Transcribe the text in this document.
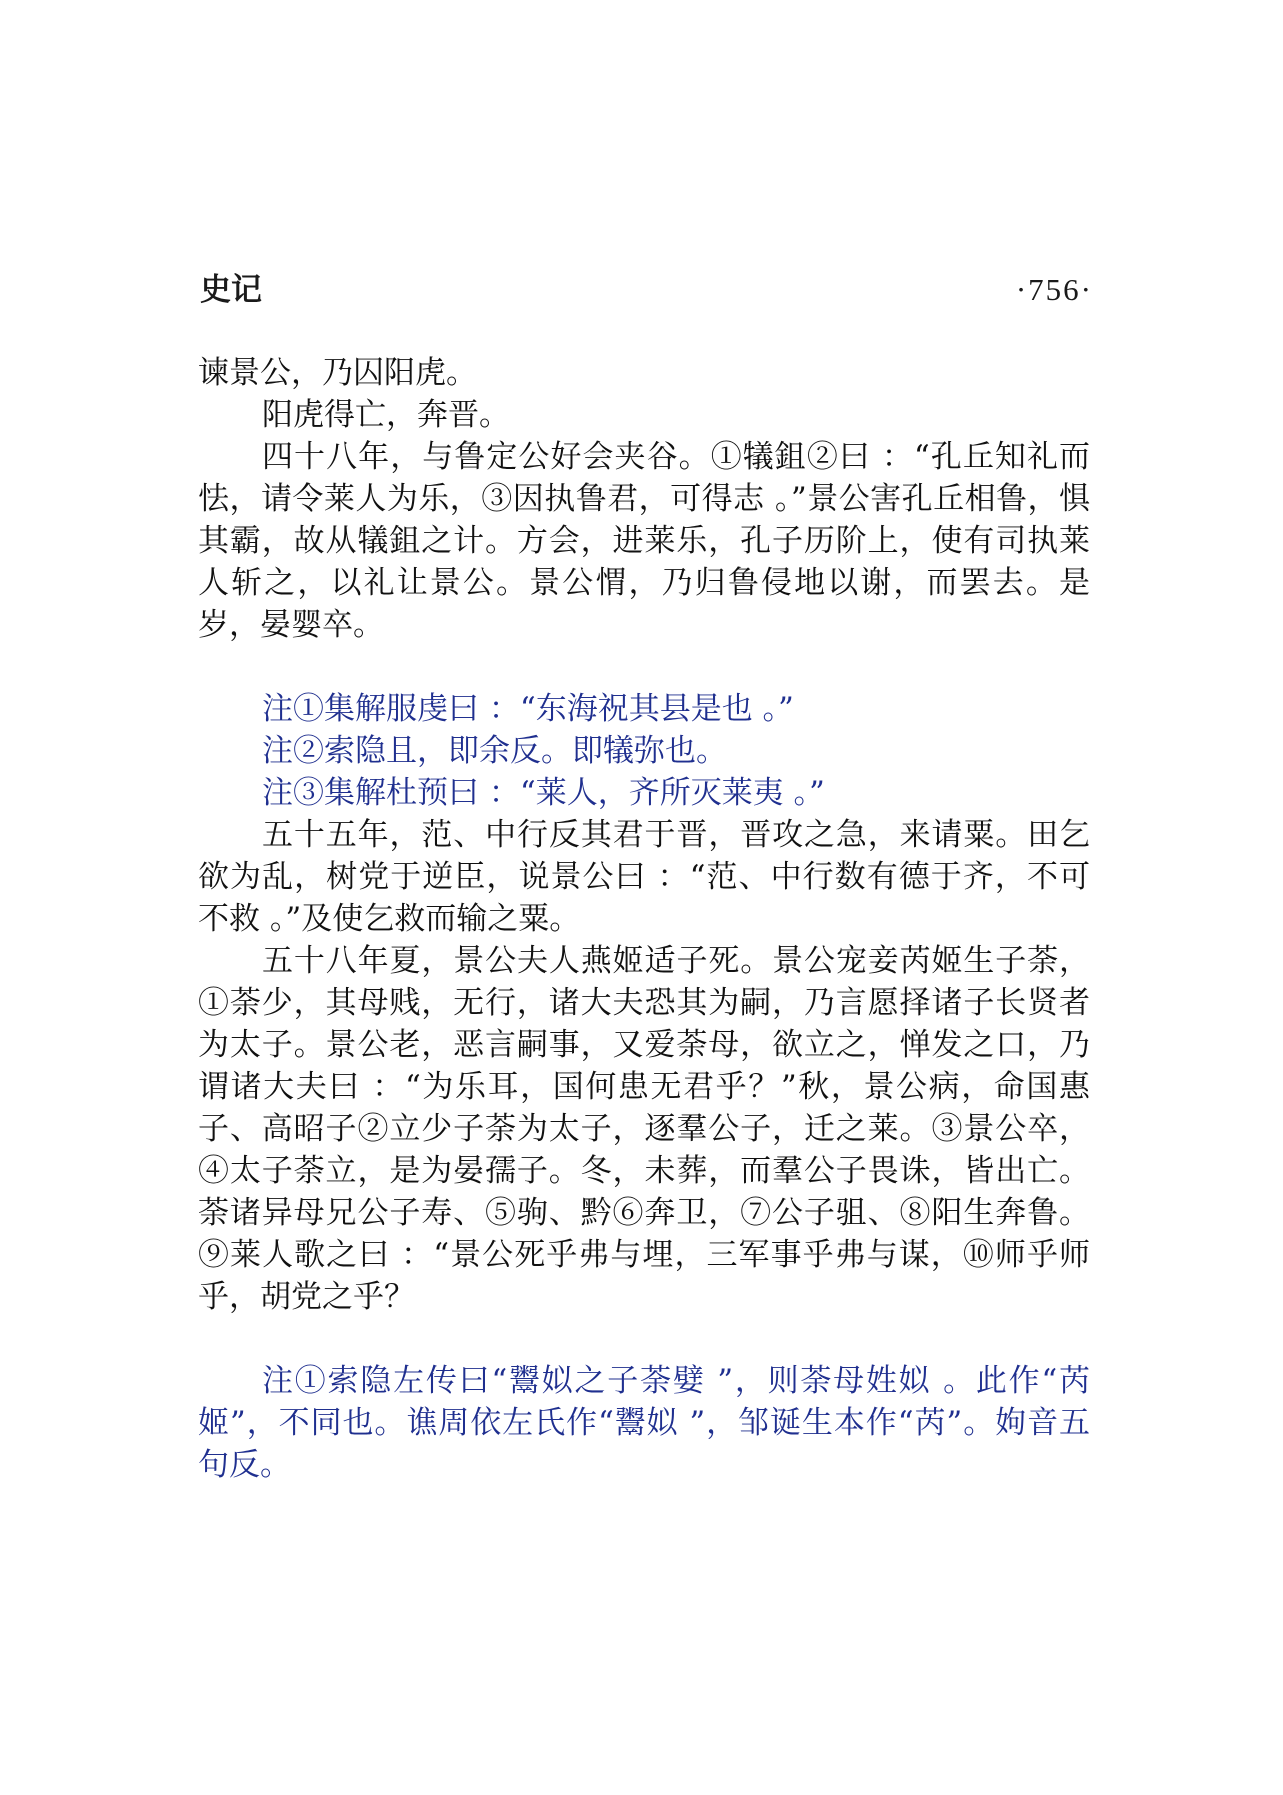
史记	·756·

谏景公，乃囚阳虎。

阳虎得亡，奔晋。

四十八年，与鲁定公好会夹谷。①犠鉏②曰 ：“孔丘知礼而怯，请令莱人为乐，③因执鲁君，可得志 。”景公害孔丘相鲁，惧其霸，故从犠鉏之计。方会，进莱乐，孔子历阶上，使有司执莱人斩之，以礼让景公。景公㥜，乃归鲁侵地以谢，而罢去。是岁，晏婴卒。

注①集解服虔曰 ：“东海祝其县是也 。”

注②索隐且，即余反。即犠弥也。

注③集解杜预曰 ：“莱人，齐所灭莱夷 。”

五十五年，范、中行反其君于晋，晋攻之急，来请粟。田乞欲为乱，树党于逆臣，说景公曰 ：“范、中行数有德于齐，不可不救 。”及使乞救而输之粟。

五十八年夏，景公夫人燕姬适子死。景公宠妾芮姬生子荼，①荼少，其母贱，无行，诸大夫恐其为嗣，乃言愿择诸子长贤者为太子。景公老，恶言嗣事，又爱荼母，欲立之，惮发之口，乃谓诸大夫曰 ：“为乐耳，国何患无君乎？”秋，景公病，命国惠子、高昭子②立少子荼为太子，逐羣公子，迁之莱。③景公卒，④太子荼立，是为晏孺子。冬，未葬，而羣公子畏诛，皆出亡。荼诸异母兄公子寿、⑤驹、黔⑥奔卫，⑦公子驵、⑧阳生奔鲁。⑨莱人歌之曰 ：“景公死乎弗与埋，三军事乎弗与谋，⑩师乎师乎，胡党之乎？

注①索隐左传曰“鬻姒之子荼嬖 ”，则荼母姓姒 。此作“芮姬”，不同也。谯周依左氏作“鬻姒 ”，邹诞生本作“芮”。姁音五句反。
